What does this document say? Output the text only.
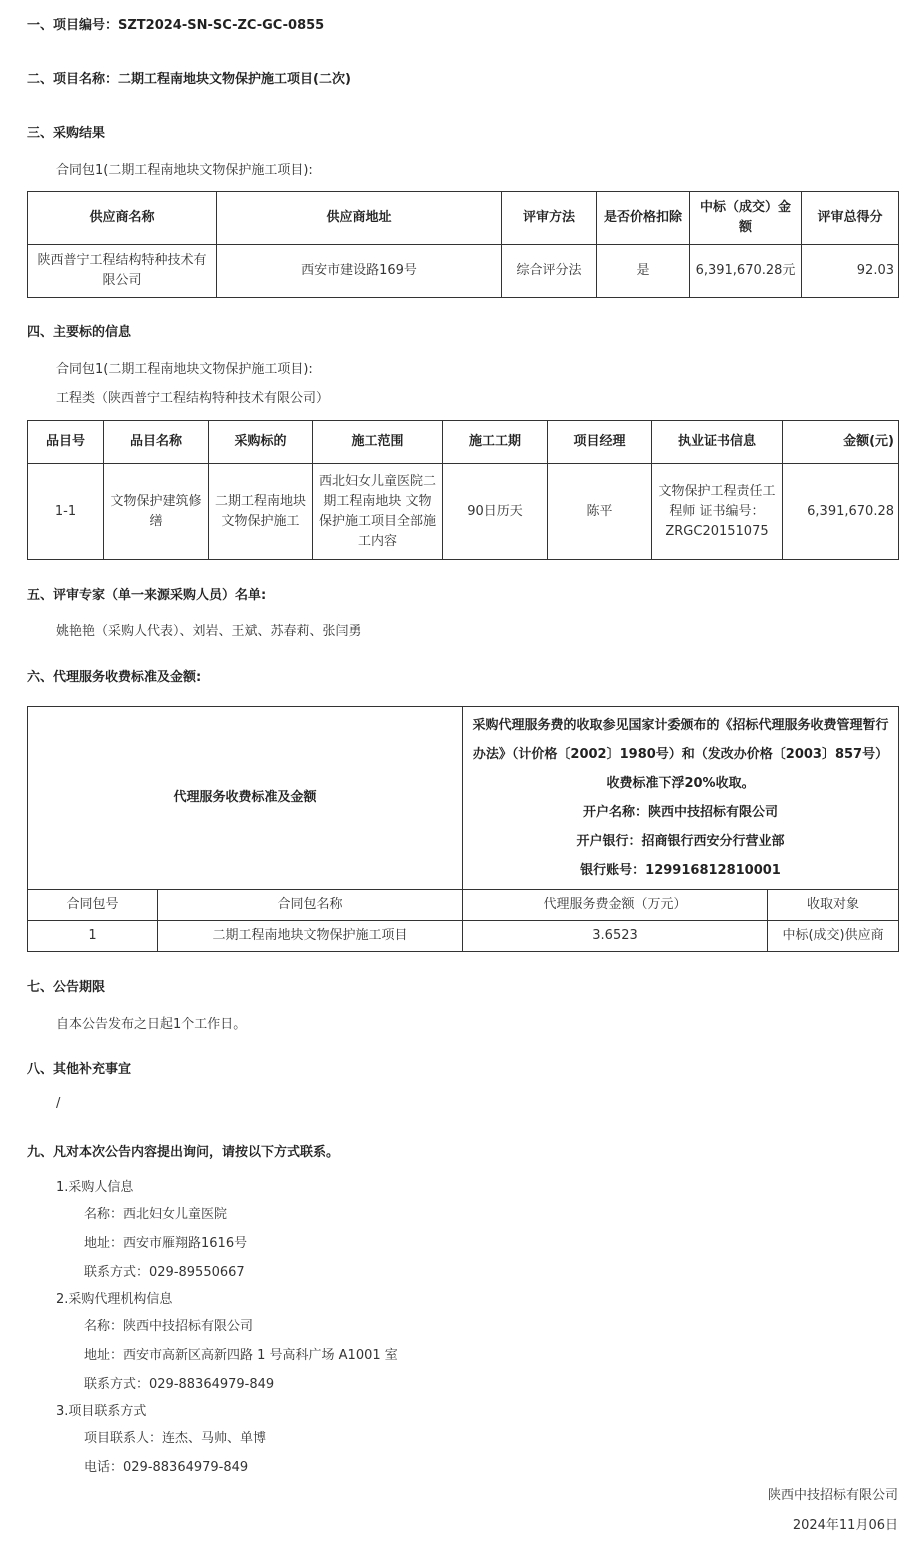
一、项目编号：SZT2024-SN-SC-ZC-GC-0855
二、项目名称：二期工程南地块文物保护施工项目(二次)
三、采购结果
合同包1(二期工程南地块文物保护施工项目):
供应商名称	供应商地址	评审方法	是否价格扣除	中标（成交）金额	评审总得分
陕西普宁工程结构特种技术有限公司	西安市建设路169号	综合评分法	是	6,391,670.28元	92.03
四、主要标的信息
合同包1(二期工程南地块文物保护施工项目):
工程类（陕西普宁工程结构特种技术有限公司）
品目号	品目名称	采购标的	施工范围	施工工期	项目经理	执业证书信息	金额(元)
1-1	文物保护建筑修缮	二期工程南地块文物保护施工	西北妇女儿童医院二期工程南地块 文物保护施工项目全部施工内容	90日历天	陈平	文物保护工程责任工程师 证书编号：ZRGC20151075	6,391,670.28
五、评审专家（单一来源采购人员）名单:
姚艳艳（采购人代表）、刘岩、王斌、苏春莉、张闫勇
六、代理服务收费标准及金额:
代理服务收费标准及金额		采购代理服务费的收取参见国家计委颁布的《招标代理服务收费管理暂行办法》（计价格〔2002〕1980号）和（发改办价格〔2003〕857号）收费标准下浮20%收取。
开户名称：陕西中技招标有限公司
开户银行：招商银行西安分行营业部
银行账号：129916812810001	

合同包号	合同包名称	代理服务费金额（万元）	收取对象
1	二期工程南地块文物保护施工项目	3.6523	中标(成交)供应商
七、公告期限
自本公告发布之日起1个工作日。
八、其他补充事宜
/
九、凡对本次公告内容提出询问，请按以下方式联系。
1.采购人信息
名称：西北妇女儿童医院
地址：西安市雁翔路1616号
联系方式：029-89550667
2.采购代理机构信息
名称：陕西中技招标有限公司
地址：西安市高新区高新四路 1 号高科广场 A1001 室
联系方式：029-88364979-849
3.项目联系方式
项目联系人：连杰、马帅、单博
电话：029-88364979-849
陕西中技招标有限公司
2024年11月06日
